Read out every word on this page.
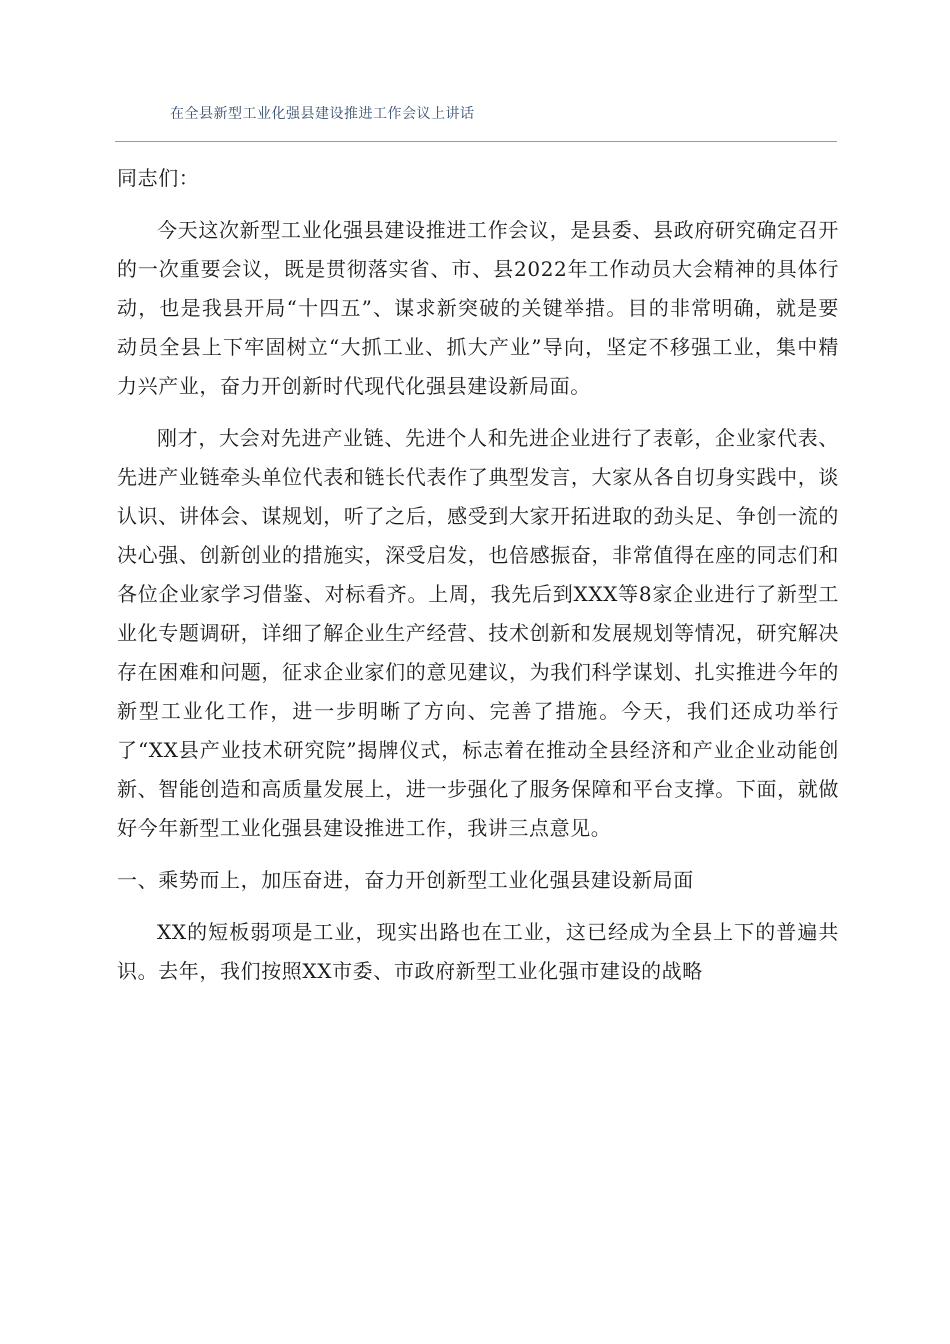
在全县新型工业化强县建设推进工作会议上讲话

同志们：

今天这次新型工业化强县建设推进工作会议，是县委、县政府研究确定召开的一次重要会议，既是贯彻落实省、市、县2022年工作动员大会精神的具体行动，也是我县开局“十四五”、谋求新突破的关键举措。目的非常明确，就是要动员全县上下牢固树立“大抓工业、抓大产业”导向，坚定不移强工业，集中精力兴产业，奋力开创新时代现代化强县建设新局面。

刚才，大会对先进产业链、先进个人和先进企业进行了表彰，企业家代表、先进产业链牵头单位代表和链长代表作了典型发言，大家从各自切身实践中，谈认识、讲体会、谋规划，听了之后，感受到大家开拓进取的劲头足、争创一流的决心强、创新创业的措施实，深受启发，也倍感振奋，非常值得在座的同志们和各位企业家学习借鉴、对标看齐。上周，我先后到XXX等8家企业进行了新型工业化专题调研，详细了解企业生产经营、技术创新和发展规划等情况，研究解决存在困难和问题，征求企业家们的意见建议，为我们科学谋划、扎实推进今年的新型工业化工作，进一步明晰了方向、完善了措施。今天，我们还成功举行了“XX县产业技术研究院”揭牌仪式，标志着在推动全县经济和产业企业动能创新、智能创造和高质量发展上，进一步强化了服务保障和平台支撑。下面，就做好今年新型工业化强县建设推进工作，我讲三点意见。

一、乘势而上，加压奋进，奋力开创新型工业化强县建设新局面

XX的短板弱项是工业，现实出路也在工业，这已经成为全县上下的普遍共识。去年，我们按照XX市委、市政府新型工业化强市建设的战略
